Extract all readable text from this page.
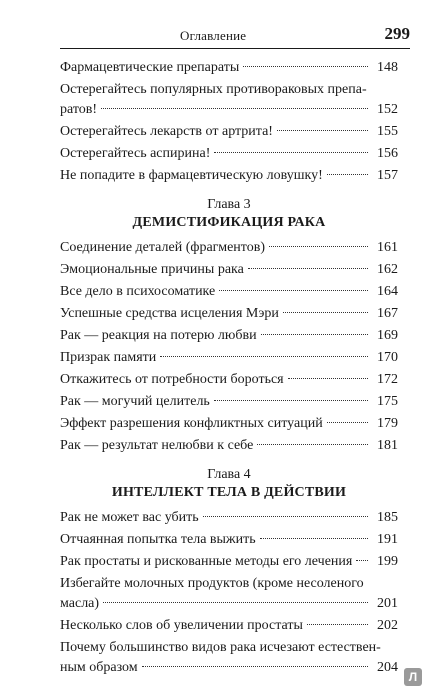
Оглавление	299
Фармацевтические препараты	148
Остерегайтесь популярных противораковых препа-
ратов!	152
Остерегайтесь лекарств от артрита!	155
Остерегайтесь аспирина!	156
Не попадите в фармацевтическую ловушку!	157
Глава 3
ДЕМИСТИФИКАЦИЯ РАКА
Соединение деталей (фрагментов)	161
Эмоциональные причины рака	162
Все дело в психосоматике	164
Успешные средства исцеления Мэри	167
Рак — реакция на потерю любви	169
Призрак памяти	170
Откажитесь от потребности бороться	172
Рак — могучий целитель	175
Эффект разрешения конфликтных ситуаций	179
Рак — результат нелюбви к себе	181
Глава 4
ИНТЕЛЛЕКТ ТЕЛА В ДЕЙСТВИИ
Рак не может вас убить	185
Отчаянная попытка тела выжить	191
Рак простаты и рискованные методы его лечения	199
Избегайте молочных продуктов (кроме несоленого
масла)	201
Несколько слов об увеличении простаты	202
Почему большинство видов рака исчезают естествен-
ным образом	204
Л
